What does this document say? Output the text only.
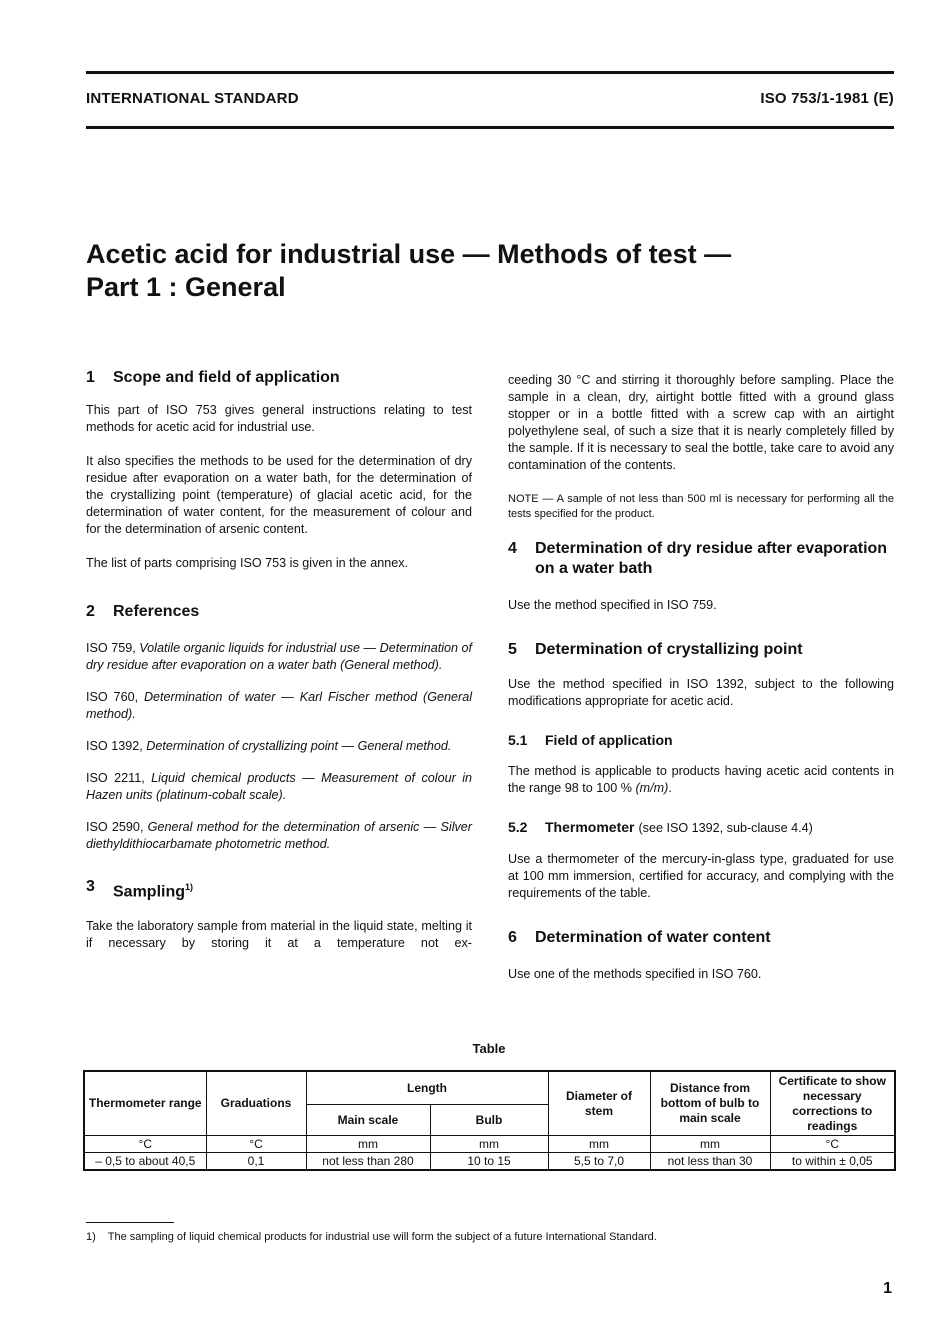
INTERNATIONAL STANDARD	ISO 753/1-1981 (E)
Acetic acid for industrial use — Methods of test —
Part 1 : General
1	Scope and field of application

This part of ISO 753 gives general instructions relating to test methods for acetic acid for industrial use.

It also specifies the methods to be used for the determination of dry residue after evaporation on a water bath, for the determination of the crystallizing point (temperature) of glacial acetic acid, for the determination of water content, for the measurement of colour and for the determination of arsenic content.

The list of parts comprising ISO 753 is given in the annex.

2	References

ISO 759, Volatile organic liquids for industrial use — Determination of dry residue after evaporation on a water bath (General method).

ISO 760, Determination of water — Karl Fischer method (General method).

ISO 1392, Determination of crystallizing point — General method.

ISO 2211, Liquid chemical products — Measurement of colour in Hazen units (platinum-cobalt scale).

ISO 2590, General method for the determination of arsenic — Silver diethyldithiocarbamate photometric method.

3	Sampling$^{1)}$

Take the laboratory sample from material in the liquid state, melting it if necessary by storing it at a temperature not ex-

ceeding 30 °C and stirring it thoroughly before sampling. Place the sample in a clean, dry, airtight bottle fitted with a ground glass stopper or in a bottle fitted with a screw cap with an airtight polyethylene seal, of such a size that it is nearly completely filled by the sample. If it is necessary to seal the bottle, take care to avoid any contamination of the contents.

NOTE — A sample of not less than 500 ml is necessary for performing all the tests specified for the product.

4	Determination of dry residue after evaporation on a water bath

Use the method specified in ISO 759.

5	Determination of crystallizing point

Use the method specified in ISO 1392, subject to the following modifications appropriate for acetic acid.

5.1	Field of application

The method is applicable to products having acetic acid contents in the range 98 to 100 % (m/m).

5.2	Thermometer (see ISO 1392, sub-clause 4.4)

Use a thermometer of the mercury-in-glass type, graduated for use at 100 mm immersion, certified for accuracy, and complying with the requirements of the table.

6	Determination of water content

Use one of the methods specified in ISO 760.

Table
Thermometer range	Graduations	Length		Diameter of stem	Distance from bottom of bulb to main scale	Certificate to show necessary corrections to readings
		Main scale	Bulb			
°C	°C	mm	mm	mm	mm	°C
– 0,5 to about 40,5	0,1	not less than 280	10 to 15	5,5 to 7,0	not less than 30	to within ± 0,05
1) The sampling of liquid chemical products for industrial use will form the subject of a future International Standard.
1
